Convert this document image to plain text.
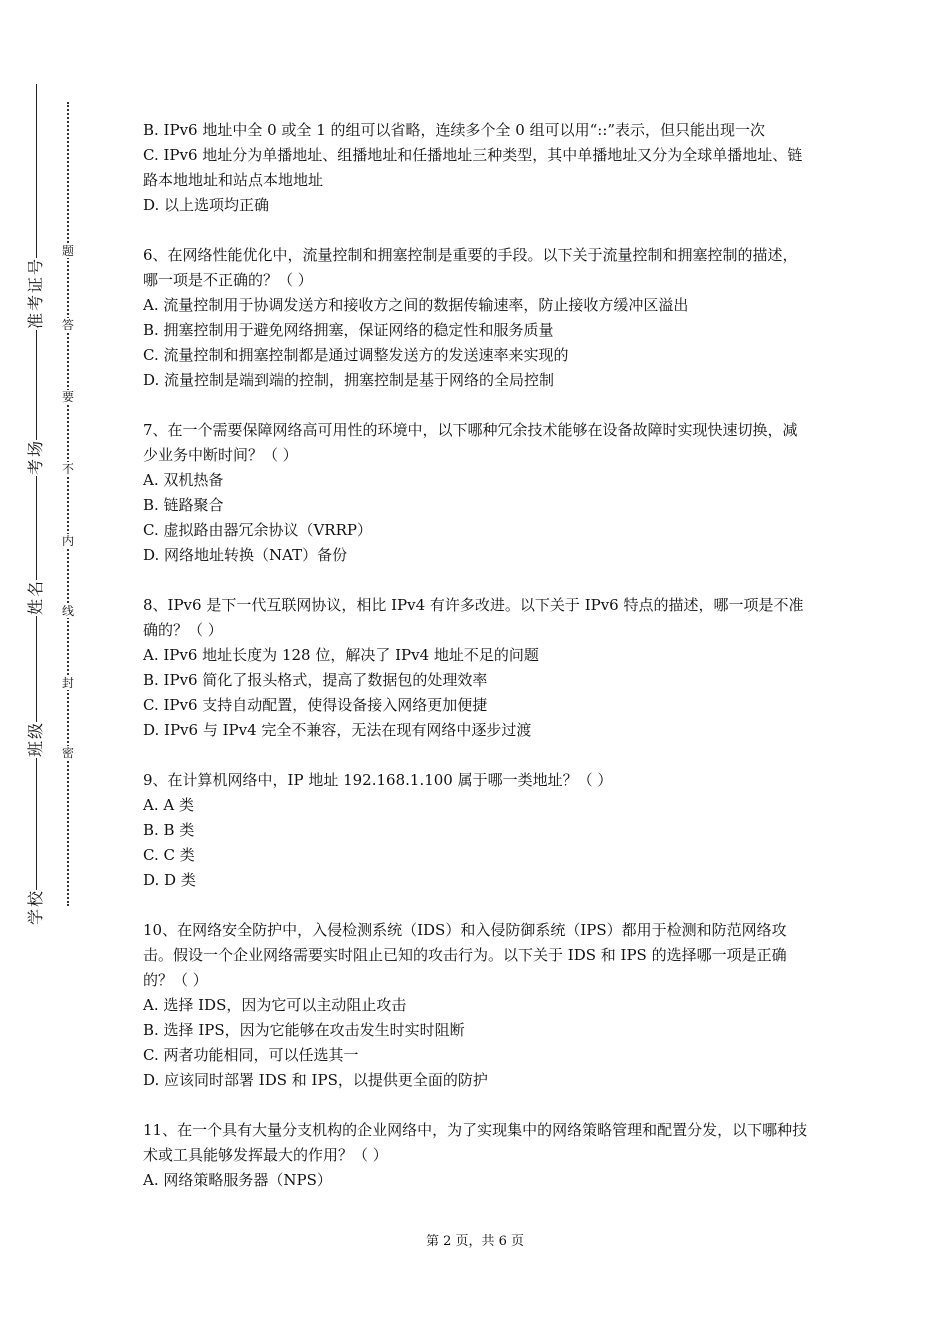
号
证
考
准
场
考
名
姓
级
班
校
学
题
答
要
不
内
线
封
密

B. IPv6 地址中全 0 或全 1 的组可以省略，连续多个全 0 组可以用“::”表示，但只能出现一次

C. IPv6 地址分为单播地址、组播地址和任播地址三种类型，其中单播地址又分为全球单播地址、链路本地地址和站点本地地址

D. 以上选项均正确

6、在网络性能优化中，流量控制和拥塞控制是重要的手段。以下关于流量控制和拥塞控制的描述，哪一项是不正确的？（ ）

A. 流量控制用于协调发送方和接收方之间的数据传输速率，防止接收方缓冲区溢出

B. 拥塞控制用于避免网络拥塞，保证网络的稳定性和服务质量

C. 流量控制和拥塞控制都是通过调整发送方的发送速率来实现的

D. 流量控制是端到端的控制，拥塞控制是基于网络的全局控制

7、在一个需要保障网络高可用性的环境中，以下哪种冗余技术能够在设备故障时实现快速切换，减少业务中断时间？（ ）

A. 双机热备

B. 链路聚合

C. 虚拟路由器冗余协议（VRRP）

D. 网络地址转换（NAT）备份

8、IPv6 是下一代互联网协议，相比 IPv4 有许多改进。以下关于 IPv6 特点的描述，哪一项是不准确的？（ ）

A. IPv6 地址长度为 128 位，解决了 IPv4 地址不足的问题

B. IPv6 简化了报头格式，提高了数据包的处理效率

C. IPv6 支持自动配置，使得设备接入网络更加便捷

D. IPv6 与 IPv4 完全不兼容，无法在现有网络中逐步过渡

9、在计算机网络中，IP 地址 192.168.1.100 属于哪一类地址？（ ）

A. A 类

B. B 类

C. C 类

D. D 类

10、在网络安全防护中，入侵检测系统（IDS）和入侵防御系统（IPS）都用于检测和防范网络攻击。假设一个企业网络需要实时阻止已知的攻击行为。以下关于 IDS 和 IPS 的选择哪一项是正确的？（ ）

A. 选择 IDS，因为它可以主动阻止攻击

B. 选择 IPS，因为它能够在攻击发生时实时阻断

C. 两者功能相同，可以任选其一

D. 应该同时部署 IDS 和 IPS，以提供更全面的防护

11、在一个具有大量分支机构的企业网络中，为了实现集中的网络策略管理和配置分发，以下哪种技术或工具能够发挥最大的作用？（ ）

A. 网络策略服务器（NPS）

第 2 页，共 6 页
